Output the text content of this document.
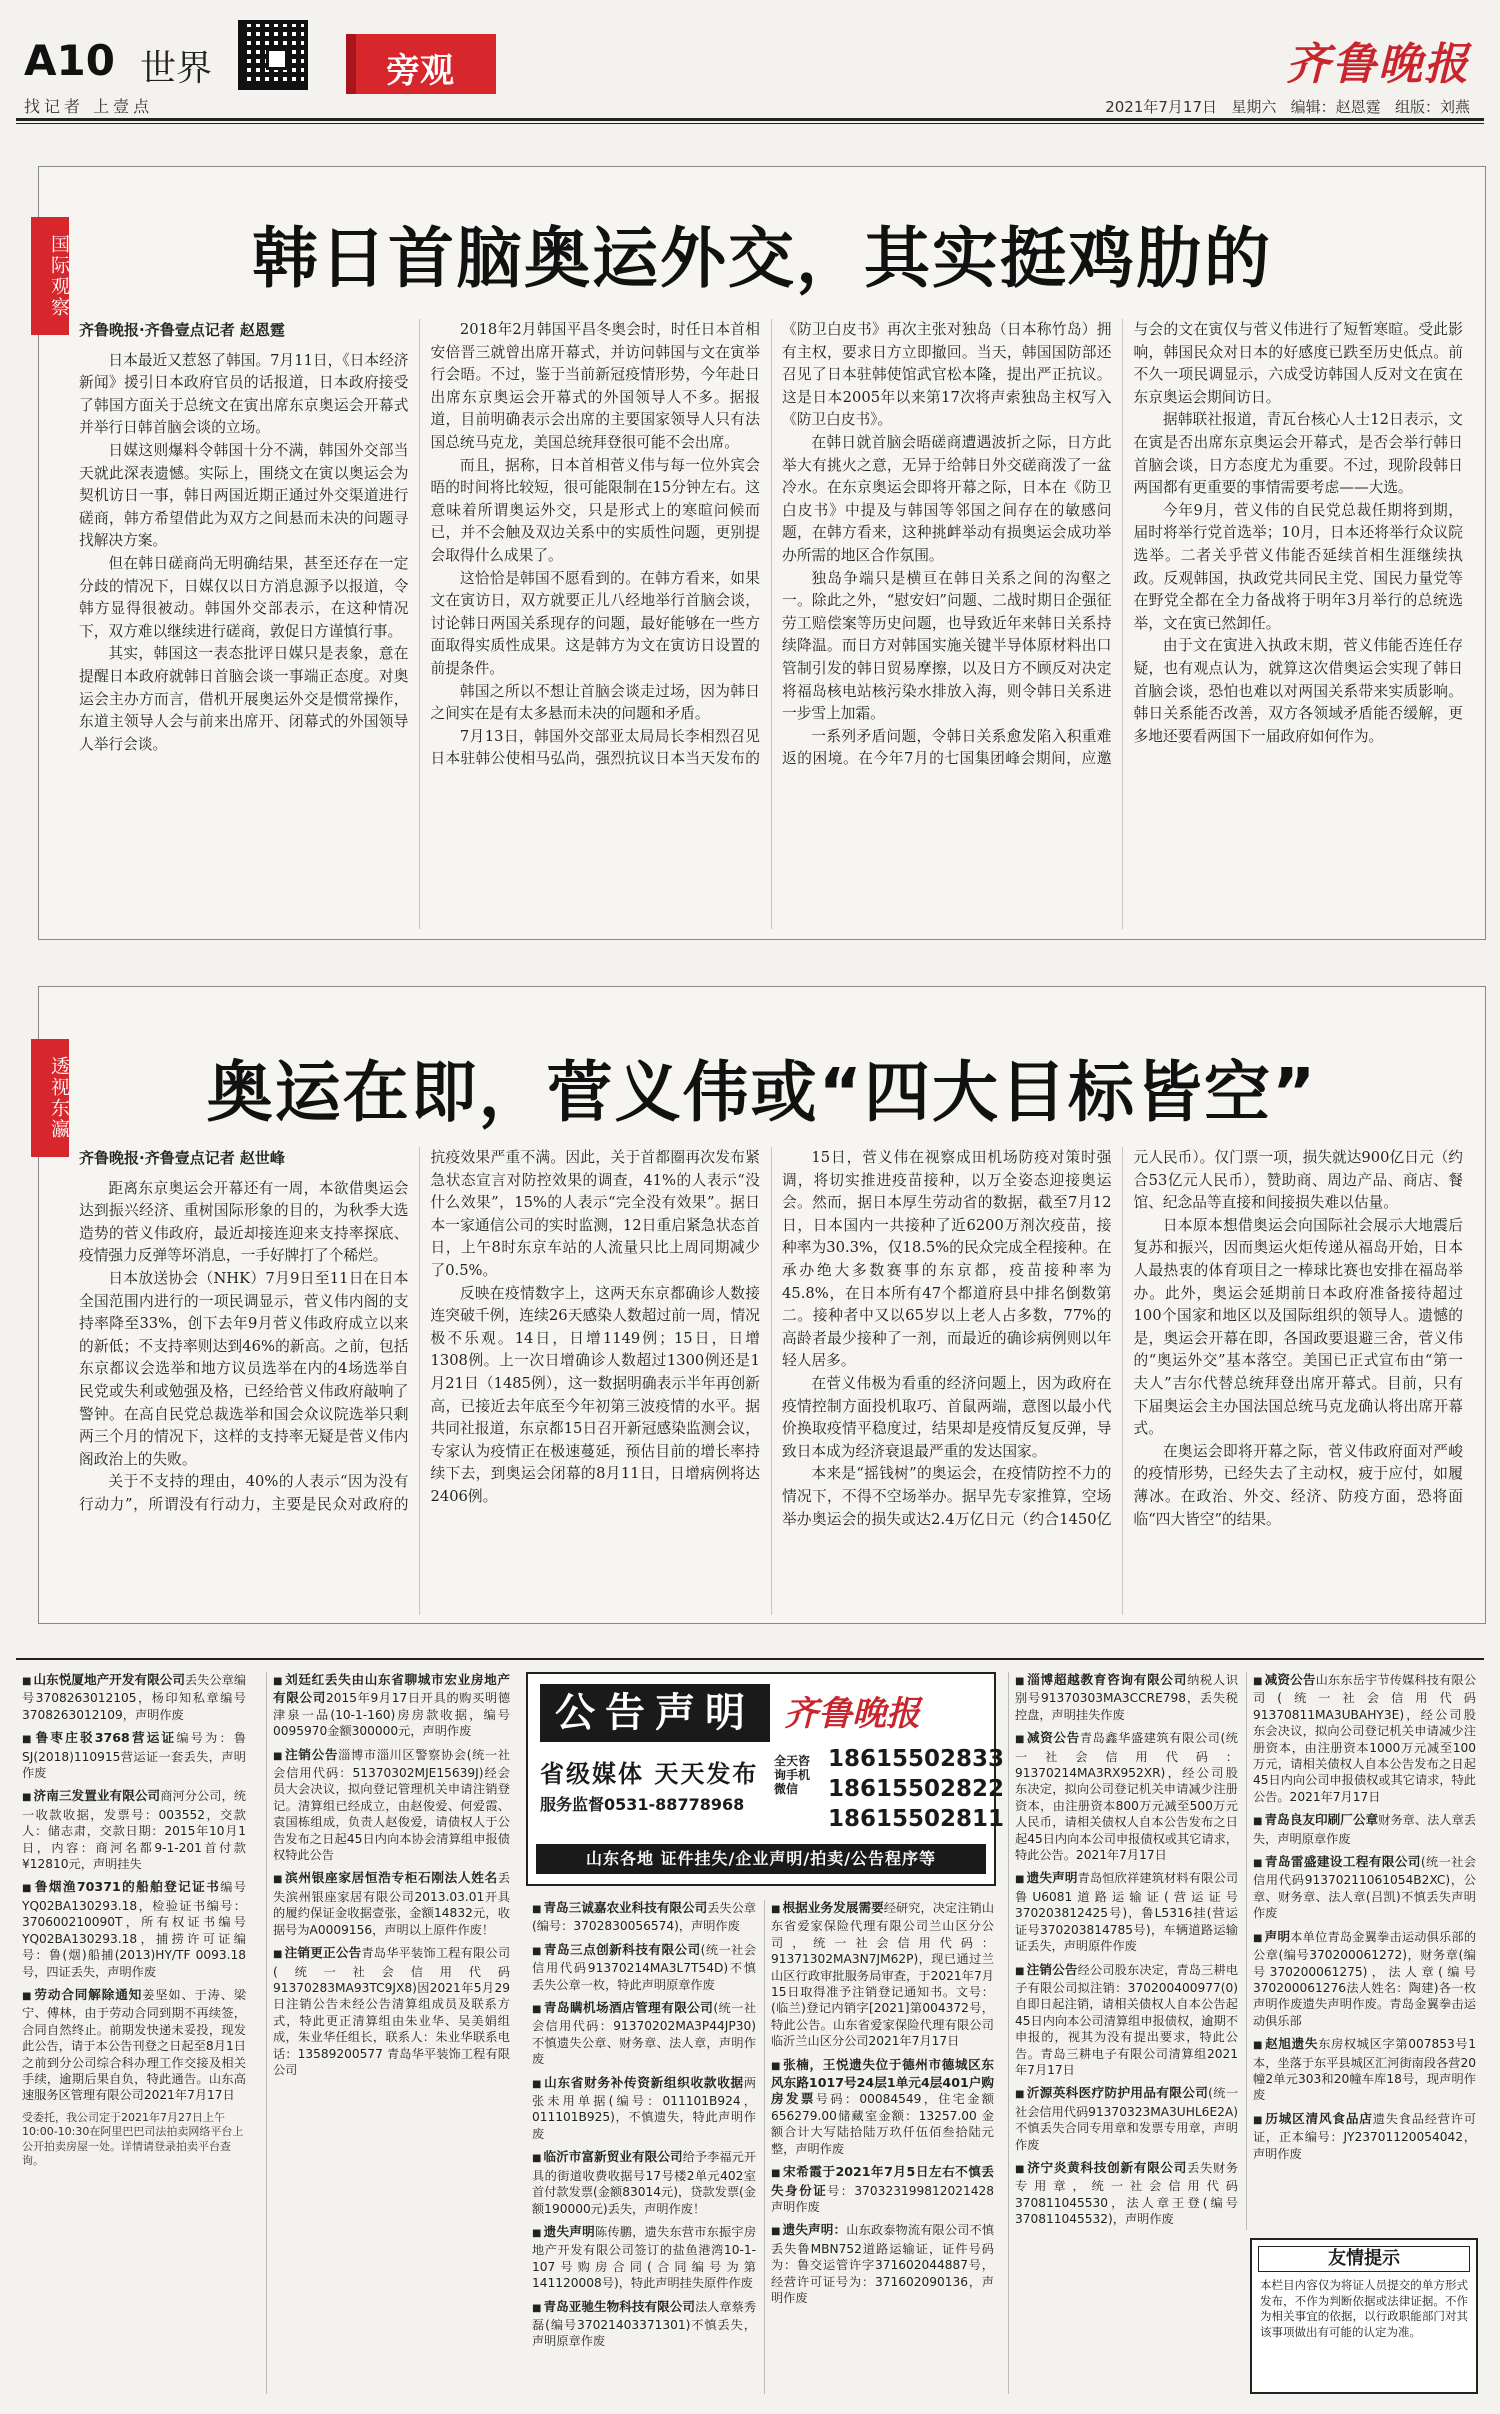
A10 世界
找记者 上壹点
旁观	齐鲁晚报
2021年7月17日 星期六 编辑：赵恩霆 组版：刘燕
国际观察	韩日首脑奥运外交，其实挺鸡肋的
齐鲁晚报·齐鲁壹点记者 赵恩霆

日本最近又惹怒了韩国。7月11日，《日本经济新闻》援引日本政府官员的话报道，日本政府接受了韩国方面关于总统文在寅出席东京奥运会开幕式并举行日韩首脑会谈的立场。

日媒这则爆料令韩国十分不满，韩国外交部当天就此深表遗憾。实际上，围绕文在寅以奥运会为契机访日一事，韩日两国近期正通过外交渠道进行磋商，韩方希望借此为双方之间悬而未决的问题寻找解决方案。

但在韩日磋商尚无明确结果，甚至还存在一定分歧的情况下，日媒仅以日方消息源予以报道，令韩方显得很被动。韩国外交部表示，在这种情况下，双方难以继续进行磋商，敦促日方谨慎行事。

其实，韩国这一表态批评日媒只是表象，意在提醒日本政府就韩日首脑会谈一事端正态度。对奥运会主办方而言，借机开展奥运外交是惯常操作，东道主领导人会与前来出席开、闭幕式的外国领导人举行会谈。

2018年2月韩国平昌冬奥会时，时任日本首相安倍晋三就曾出席开幕式，并访问韩国与文在寅举行会晤。不过，鉴于当前新冠疫情形势，今年赴日出席东京奥运会开幕式的外国领导人不多。据报道，目前明确表示会出席的主要国家领导人只有法国总统马克龙，美国总统拜登很可能不会出席。

而且，据称，日本首相菅义伟与每一位外宾会晤的时间将比较短，很可能限制在15分钟左右。这意味着所谓奥运外交，只是形式上的寒暄问候而已，并不会触及双边关系中的实质性问题，更别提会取得什么成果了。

这恰恰是韩国不愿看到的。在韩方看来，如果文在寅访日，双方就要正儿八经地举行首脑会谈，讨论韩日两国关系现存的问题，最好能够在一些方面取得实质性成果。这是韩方为文在寅访日设置的前提条件。

韩国之所以不想让首脑会谈走过场，因为韩日之间实在是有太多悬而未决的问题和矛盾。

7月13日，韩国外交部亚太局局长李相烈召见日本驻韩公使相马弘尚，强烈抗议日本当天发布的《防卫白皮书》再次主张对独岛（日本称竹岛）拥有主权，要求日方立即撤回。当天，韩国国防部还召见了日本驻韩使馆武官松本隆，提出严正抗议。这是日本2005年以来第17次将声索独岛主权写入《防卫白皮书》。

在韩日就首脑会晤磋商遭遇波折之际，日方此举大有挑火之意，无异于给韩日外交磋商泼了一盆冷水。在东京奥运会即将开幕之际，日本在《防卫白皮书》中提及与韩国等邻国之间存在的敏感问题，在韩方看来，这种挑衅举动有损奥运会成功举办所需的地区合作氛围。

独岛争端只是横亘在韩日关系之间的沟壑之一。除此之外，“慰安妇”问题、二战时期日企强征劳工赔偿案等历史问题，也导致近年来韩日关系持续降温。而日方对韩国实施关键半导体原材料出口管制引发的韩日贸易摩擦，以及日方不顾反对决定将福岛核电站核污染水排放入海，则令韩日关系进一步雪上加霜。

一系列矛盾问题，令韩日关系愈发陷入积重难返的困境。在今年7月的七国集团峰会期间，应邀与会的文在寅仅与菅义伟进行了短暂寒暄。受此影响，韩国民众对日本的好感度已跌至历史低点。前不久一项民调显示，六成受访韩国人反对文在寅在东京奥运会期间访日。

据韩联社报道，青瓦台核心人士12日表示，文在寅是否出席东京奥运会开幕式，是否会举行韩日首脑会谈，日方态度尤为重要。不过，现阶段韩日两国都有更重要的事情需要考虑——大选。

今年9月，菅义伟的自民党总裁任期将到期，届时将举行党首选举；10月，日本还将举行众议院选举。二者关乎菅义伟能否延续首相生涯继续执政。反观韩国，执政党共同民主党、国民力量党等在野党全都在全力备战将于明年3月举行的总统选举，文在寅已然卸任。

由于文在寅进入执政末期，菅义伟能否连任存疑，也有观点认为，就算这次借奥运会实现了韩日首脑会谈，恐怕也难以对两国关系带来实质影响。韩日关系能否改善，双方各领域矛盾能否缓解，更多地还要看两国下一届政府如何作为。

透视东瀛	奥运在即，菅义伟或“四大目标皆空”
齐鲁晚报·齐鲁壹点记者 赵世峰

距离东京奥运会开幕还有一周，本欲借奥运会达到振兴经济、重树国际形象的目的，为秋季大选造势的菅义伟政府，最近却接连迎来支持率探底、疫情强力反弹等坏消息，一手好牌打了个稀烂。

日本放送协会（NHK）7月9日至11日在日本全国范围内进行的一项民调显示，菅义伟内阁的支持率降至33%，创下去年9月菅义伟政府成立以来的新低；不支持率则达到46%的新高。之前，包括东京都议会选举和地方议员选举在内的4场选举自民党或失利或勉强及格，已经给菅义伟政府敲响了警钟。在高自民党总裁选举和国会众议院选举只剩两三个月的情况下，这样的支持率无疑是菅义伟内阁政治上的失败。

关于不支持的理由，40%的人表示“因为没有行动力”，所谓没有行动力，主要是民众对政府的抗疫效果严重不满。因此，关于首都圈再次发布紧急状态宣言对防控效果的调查，41%的人表示“没什么效果”，15%的人表示“完全没有效果”。据日本一家通信公司的实时监测，12日重启紧急状态首日，上午8时东京车站的人流量只比上周同期减少了0.5%。

反映在疫情数字上，这两天东京都确诊人数接连突破千例，连续26天感染人数超过前一周，情况极不乐观。14日，日增1149例；15日，日增1308例。上一次日增确诊人数超过1300例还是1月21日（1485例），这一数据明确表示半年再创新高，已接近去年底至今年初第三波疫情的水平。据共同社报道，东京都15日召开新冠感染监测会议，专家认为疫情正在极速蔓延，预估目前的增长率持续下去，到奥运会闭幕的8月11日，日增病例将达2406例。

15日，菅义伟在视察成田机场防疫对策时强调，将切实推进疫苗接种，以万全姿态迎接奥运会。然而，据日本厚生劳动省的数据，截至7月12日，日本国内一共接种了近6200万剂次疫苗，接种率为30.3%，仅18.5%的民众完成全程接种。在承办绝大多数赛事的东京都，疫苗接种率为45.8%，在日本所有47个都道府县中排名倒数第二。接种者中又以65岁以上老人占多数，77%的高龄者最少接种了一剂，而最近的确诊病例则以年轻人居多。

在菅义伟极为看重的经济问题上，因为政府在疫情控制方面投机取巧、首鼠两端，意图以最小代价换取疫情平稳度过，结果却是疫情反复反弹，导致日本成为经济衰退最严重的发达国家。

本来是“摇钱树”的奥运会，在疫情防控不力的情况下，不得不空场举办。据早先专家推算，空场举办奥运会的损失或达2.4万亿日元（约合1450亿元人民币）。仅门票一项，损失就达900亿日元（约合53亿元人民币），赞助商、周边产品、商店、餐馆、纪念品等直接和间接损失难以估量。

日本原本想借奥运会向国际社会展示大地震后复苏和振兴，因而奥运火炬传递从福岛开始，日本人最热衷的体育项目之一棒球比赛也安排在福岛举办。此外，奥运会延期前日本政府准备接待超过100个国家和地区以及国际组织的领导人。遗憾的是，奥运会开幕在即，各国政要退避三舍，菅义伟的“奥运外交”基本落空。美国已正式宣布由“第一夫人”吉尔代替总统拜登出席开幕式。目前，只有下届奥运会主办国法国总统马克龙确认将出席开幕式。

在奥运会即将开幕之际，菅义伟政府面对严峻的疫情形势，已经失去了主动权，疲于应付，如履薄冰。在政治、外交、经济、防疫方面，恐将面临“四大皆空”的结果。

■ 山东悦厦地产开发有限公司丢失公章编号3708263012105，杨印知私章编号3708263012109，声明作废
■ 鲁枣庄驳3768营运证编号为：鲁SJ(2018)110915营运证一套丢失，声明作废
■ 济南三发置业有限公司商河分公司，统一收款收据，发票号：003552，交款人：储志肃，交款日期：2015年10月1日，内容：商河名都9-1-201首付款¥12810元，声明挂失
■ 鲁烟渔70371的船舶登记证书编号YQ02BA130293.18，检验证书编号：370600210090T，所有权证书编号YQ02BA130293.18，捕捞许可证编号：鲁(烟)船捕(2013)HY/TF 0093.18号，四证丢失，声明作废
■ 劳动合同解除通知姜坚如、于涛、梁宁、傅林，由于劳动合同到期不再续签，合同自然终止。前期发快递未妥投，现发此公告，请于本公告刊登之日起至8月1日之前到分公司综合科办理工作交接及相关手续，逾期后果自负，特此通告。山东高速服务区管理有限公司2021年7月17日
受委托，我公司定于2021年7月27日上午10:00-10:30在阿里巴巴司法拍卖网络平台上公开拍卖房屋一处。详情请登录拍卖平台查询。
■ 刘廷红丢失由山东省聊城市宏业房地产有限公司2015年9月17日开具的购买明德津泉一品(10-1-160)房房款收据，编号0095970金额300000元，声明作废
■ 注销公告淄博市淄川区警察协会(统一社会信用代码：51370302MJE15639J)经会员大会决议，拟向登记管理机关申请注销登记。清算组已经成立，由赵俊爱、何爱霞、袁国栋组成，负责人赵俊爱，请债权人于公告发布之日起45日内向本协会清算组申报债权特此公告
■ 滨州银座家居恒浩专柜石刚法人姓名丢失滨州银座家居有限公司2013.03.01开具的履约保证金收据壹张，金额14832元，收据号为A0009156，声明以上原件作废！
■ 注销更正公告青岛华平装饰工程有限公司(统一社会信用代码91370283MA93TC9JX8)因2021年5月29日注销公告未经公告清算组成员及联系方式，特此更正清算组由朱业华、吴美娟组成，朱业华任组长，联系人：朱业华联系电话：13589200577 青岛华平装饰工程有限公司
公告声明 齐鲁晚报
省级媒体 天天发布 全天咨询手机微信
18615502833
18615502822
18615502811
服务监督0531-88778968
山东各地 证件挂失/企业声明/拍卖/公告程序等
■ 青岛三诚嘉农业科技有限公司丢失公章(编号：3702830056574)，声明作废
■ 青岛三点创新科技有限公司(统一社会信用代码91370214MA3L7T54D)不慎丢失公章一枚，特此声明原章作废
■ 青岛瞒机场酒店管理有限公司(统一社会信用代码：91370202MA3P44JP30)不慎遗失公章、财务章、法人章，声明作废
■ 山东省财务补传资新组织收款收据两张未用单据(编号：011101B924，011101B925)，不慎遗失，特此声明作废
■ 临沂市富新贸业有限公司给予李福元开具的街道收费收据号17号楼2单元402室首付款发票(金额83014元)，贷款发票(金额190000元)丢失，声明作废！
■ 遗失声明陈传鹏，遗失东营市东振宇房地产开发有限公司签订的盐鱼港湾10-1-107号购房合同(合同编号为第141120008号)，特此声明挂失原件作废
■ 青岛亚驰生物科技有限公司法人章蔡秀磊(编号37021403371301)不慎丢失，声明原章作废
■ 根据业务发展需要经研究，决定注销山东省爱家保险代理有限公司兰山区分公司，统一社会信用代码：91371302MA3N7JM62P)，现已通过兰山区行政审批服务局审查，于2021年7月15日取得准予注销登记通知书。文号：(临兰)登记内销字[2021]第004372号，特此公告。山东省爱家保险代理有限公司临沂兰山区分公司2021年7月17日
■ 张楠，王悦遗失位于德州市德城区东风东路1017号24层1单元4层401户购房发票号码：00084549，住宅金额656279.00储藏室金额：13257.00 金额合计大写陆拾陆万玖仟伍佰叁拾陆元整，声明作废
■ 宋希霞于2021年7月5日左右不慎丢失身份证号：370323199812021428声明作废
■ 遗失声明：山东政泰物流有限公司不慎丢失鲁MBN752道路运输证，证件号码为：鲁交运管许字371602044887号，经营许可证号为：371602090136，声明作废
■ 淄博超越教育咨询有限公司纳税人识别号91370303MA3CCRE798，丢失税控盘，声明挂失作废
■ 减资公告青岛鑫华盛建筑有限公司(统一社会信用代码：91370214MA3RX952XR)，经公司股东决定，拟向公司登记机关申请减少注册资本，由注册资本800万元减至500万元人民币，请相关债权人自本公告发布之日起45日内向本公司申报债权或其它请求，特此公告。2021年7月17日
■ 遗失声明青岛恒欣祥建筑材料有限公司鲁U6081道路运输证(营运证号370203812425号)，鲁L5316挂(营运证号370203814785号)，车辆道路运输证丢失，声明原件作废
■ 注销公告经公司股东决定，青岛三耕电子有限公司拟注销：370200400977(0)自即日起注销，请相关债权人自本公告起45日内向本公司清算组申报债权，逾期不申报的，视其为没有提出要求，特此公告。青岛三耕电子有限公司清算组2021年7月17日
■ 沂源英科医疗防护用品有限公司(统一社会信用代码91370323MA3UHL6E2A)不慎丢失合同专用章和发票专用章，声明作废
■ 济宁炎黄科技创新有限公司丢失财务专用章，统一社会信用代码370811045530，法人章王登(编号370811045532)，声明作废
■ 减资公告山东东岳宇节传媒科技有限公司(统一社会信用代码91370811MA3UBAHY3E)，经公司股东会决议，拟向公司登记机关申请减少注册资本，由注册资本1000万元减至100万元，请相关债权人自本公告发布之日起45日内向公司申报债权或其它请求，特此公告。2021年7月17日
■ 青岛良友印刷厂公章财务章、法人章丢失，声明原章作废
■ 青岛雷盛建设工程有限公司(统一社会信用代码91370211061054B2XC)，公章、财务章、法人章(吕凯)不慎丢失声明作废
■ 声明本单位青岛金翼拳击运动俱乐部的公章(编号370200061272)，财务章(编号370200061275)，法人章(编号370200061276法人姓名：陶建)各一枚声明作废遗失声明作废。青岛金翼拳击运动俱乐部
■ 赵旭遗失东房权城区字第007853号1本，坐落于东平县城区汇河街南段各营20幢2单元303和20幢车库18号，现声明作废
■ 历城区清风食品店遗失食品经营许可证，正本编号：JY23701120054042，声明作废
友情提示
本栏目内容仅为将证人员提交的单方形式发布，不作为判断依据或法律证据。不作为相关事宜的依据，以行政职能部门对其该事项做出有可能的认定为准。
